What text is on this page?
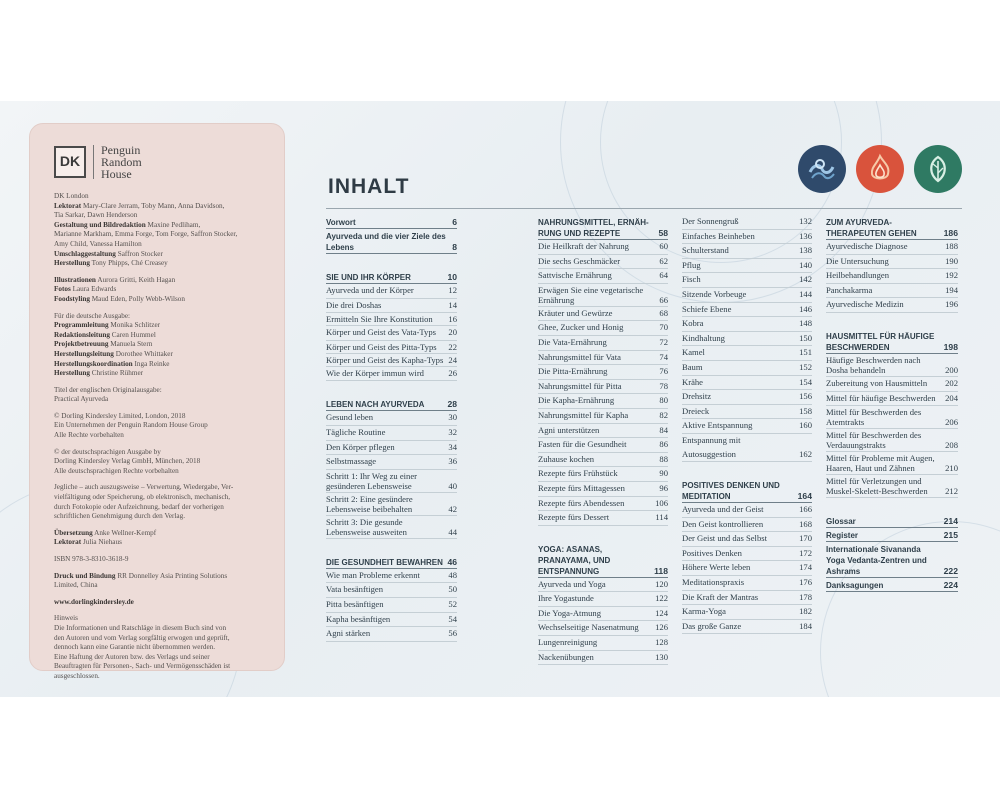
DK
Penguin
Random
House
DK London
Lektorat Mary-Clare Jerram, Toby Mann, Anna Davidson,
Tia Sarkar, Dawn Henderson
Gestaltung und Bildredaktion Maxine Pedliham,
Marianne Markham, Emma Forge, Tom Forge, Saffron Stocker,
Amy Child, Vanessa Hamilton
Umschlaggestaltung Saffron Stocker
Herstellung Tony Phipps, Ché Creasey
Illustrationen Aurora Gritti, Keith Hagan
Fotos Laura Edwards
Foodstyling Maud Eden, Polly Webb-Wilson
Für die deutsche Ausgabe:
Programmleitung Monika Schlitzer
Redaktionsleitung Caren Hummel
Projektbetreuung Manuela Stern
Herstellungsleitung Dorothee Whittaker
Herstellungskoordination Inga Reinke
Herstellung Christine Rühmer
Titel der englischen Originalausgabe:
Practical Ayurveda
© Dorling Kindersley Limited, London, 2018
Ein Unternehmen der Penguin Random House Group
Alle Rechte vorbehalten
© der deutschsprachigen Ausgabe by
Dorling Kindersley Verlag GmbH, München, 2018
Alle deutschsprachigen Rechte vorbehalten
Jegliche – auch auszugsweise – Verwertung, Wiedergabe, Ver-
vielfältigung oder Speicherung, ob elektronisch, mechanisch,
durch Fotokopie oder Aufzeichnung, bedarf der vorherigen
schriftlichen Genehmigung durch den Verlag.
Übersetzung Anke Wellner-Kempf
Lektorat Julia Niehaus
ISBN 978-3-8310-3618-9
Druck und Bindung RR Donnelley Asia Printing Solutions
Limited, China
www.dorlingkindersley.de
Hinweis
Die Informationen und Ratschläge in diesem Buch sind von
den Autoren und vom Verlag sorgfältig erwogen und geprüft,
dennoch kann eine Garantie nicht übernommen werden.
Eine Haftung der Autoren bzw. des Verlags und seiner
Beauftragten für Personen-, Sach- und Vermögensschäden ist
ausgeschlossen.
INHALT
Vorwort	6
Ayurveda und die vier Ziele des Lebens	8
SIE UND IHR KÖRPER	10
Ayurveda und der Körper	12
Die drei Doshas	14
Ermitteln Sie Ihre Konstitution	16
Körper und Geist des Vata-Typs	20
Körper und Geist des Pitta-Typs	22
Körper und Geist des Kapha-Typs 24
Wie der Körper immun wird	26
LEBEN NACH AYURVEDA	28
Gesund leben	30
Tägliche Routine	32
Den Körper pflegen	34
Selbstmassage	36
Schritt 1: Ihr Weg zu einer gesünderen Lebensweise	40
Schritt 2: Eine gesündere Lebensweise beibehalten	42
Schritt 3: Die gesunde Lebensweise ausweiten	44
DIE GESUNDHEIT BEWAHREN 46
Wie man Probleme erkennt	48
Vata besänftigen	50
Pitta besänftigen	52
Kapha besänftigen	54
Agni stärken	56
NAHRUNGSMITTEL, ERNÄH-RUNG UND REZEPTE	58
Die Heilkraft der Nahrung	60
Die sechs Geschmäcker	62
Sattvische Ernährung	64
Erwägen Sie eine vegetarische Ernährung	66
Kräuter und Gewürze	68
Ghee, Zucker und Honig	70
Die Vata-Ernährung	72
Nahrungsmittel für Vata	74
Die Pitta-Ernährung	76
Nahrungsmittel für Pitta	78
Die Kapha-Ernährung	80
Nahrungsmittel für Kapha	82
Agni unterstützen	84
Fasten für die Gesundheit	86
Zuhause kochen	88
Rezepte fürs Frühstück	90
Rezepte fürs Mittagessen	96
Rezepte fürs Abendessen	106
Rezepte fürs Dessert	114
YOGA: ASANAS, PRANAYAMA, UND ENTSPANNUNG	118
Ayurveda und Yoga	120
Ihre Yogastunde	122
Die Yoga-Atmung	124
Wechselseitige Nasenatmung	126
Lungenreinigung	128
Nackenübungen	130
Der Sonnengruß	132
Einfaches Beinheben	136
Schulterstand	138
Pflug	140
Fisch	142
Sitzende Vorbeuge	144
Schiefe Ebene	146
Kobra	148
Kindhaltung	150
Kamel	151
Baum	152
Krähe	154
Drehsitz	156
Dreieck	158
Aktive Entspannung	160
Entspannung mit Autosuggestion	162
POSITIVES DENKEN UND MEDITATION	164
Ayurveda und der Geist	166
Den Geist kontrollieren	168
Der Geist und das Selbst	170
Positives Denken	172
Höhere Werte leben	174
Meditationspraxis	176
Die Kraft der Mantras	178
Karma-Yoga	182
Das große Ganze	184
ZUM AYURVEDA-THERAPEUTEN GEHEN	186
Ayurvedische Diagnose	188
Die Untersuchung	190
Heilbehandlungen	192
Panchakarma	194
Ayurvedische Medizin	196
HAUSMITTEL FÜR HÄUFIGE BESCHWERDEN	198
Häufige Beschwerden nach Dosha behandeln	200
Zubereitung von Hausmitteln	202
Mittel für häufige Beschwerden	204
Mittel für Beschwerden des Atemtrakts	206
Mittel für Beschwerden des Verdauungstrakts	208
Mittel für Probleme mit Augen, Haaren, Haut und Zähnen	210
Mittel für Verletzungen und Muskel-Skelett-Beschwerden	212
Glossar	214
Register	215
Internationale Sivananda Yoga Vedanta-Zentren und Ashrams	222
Danksagungen	224
